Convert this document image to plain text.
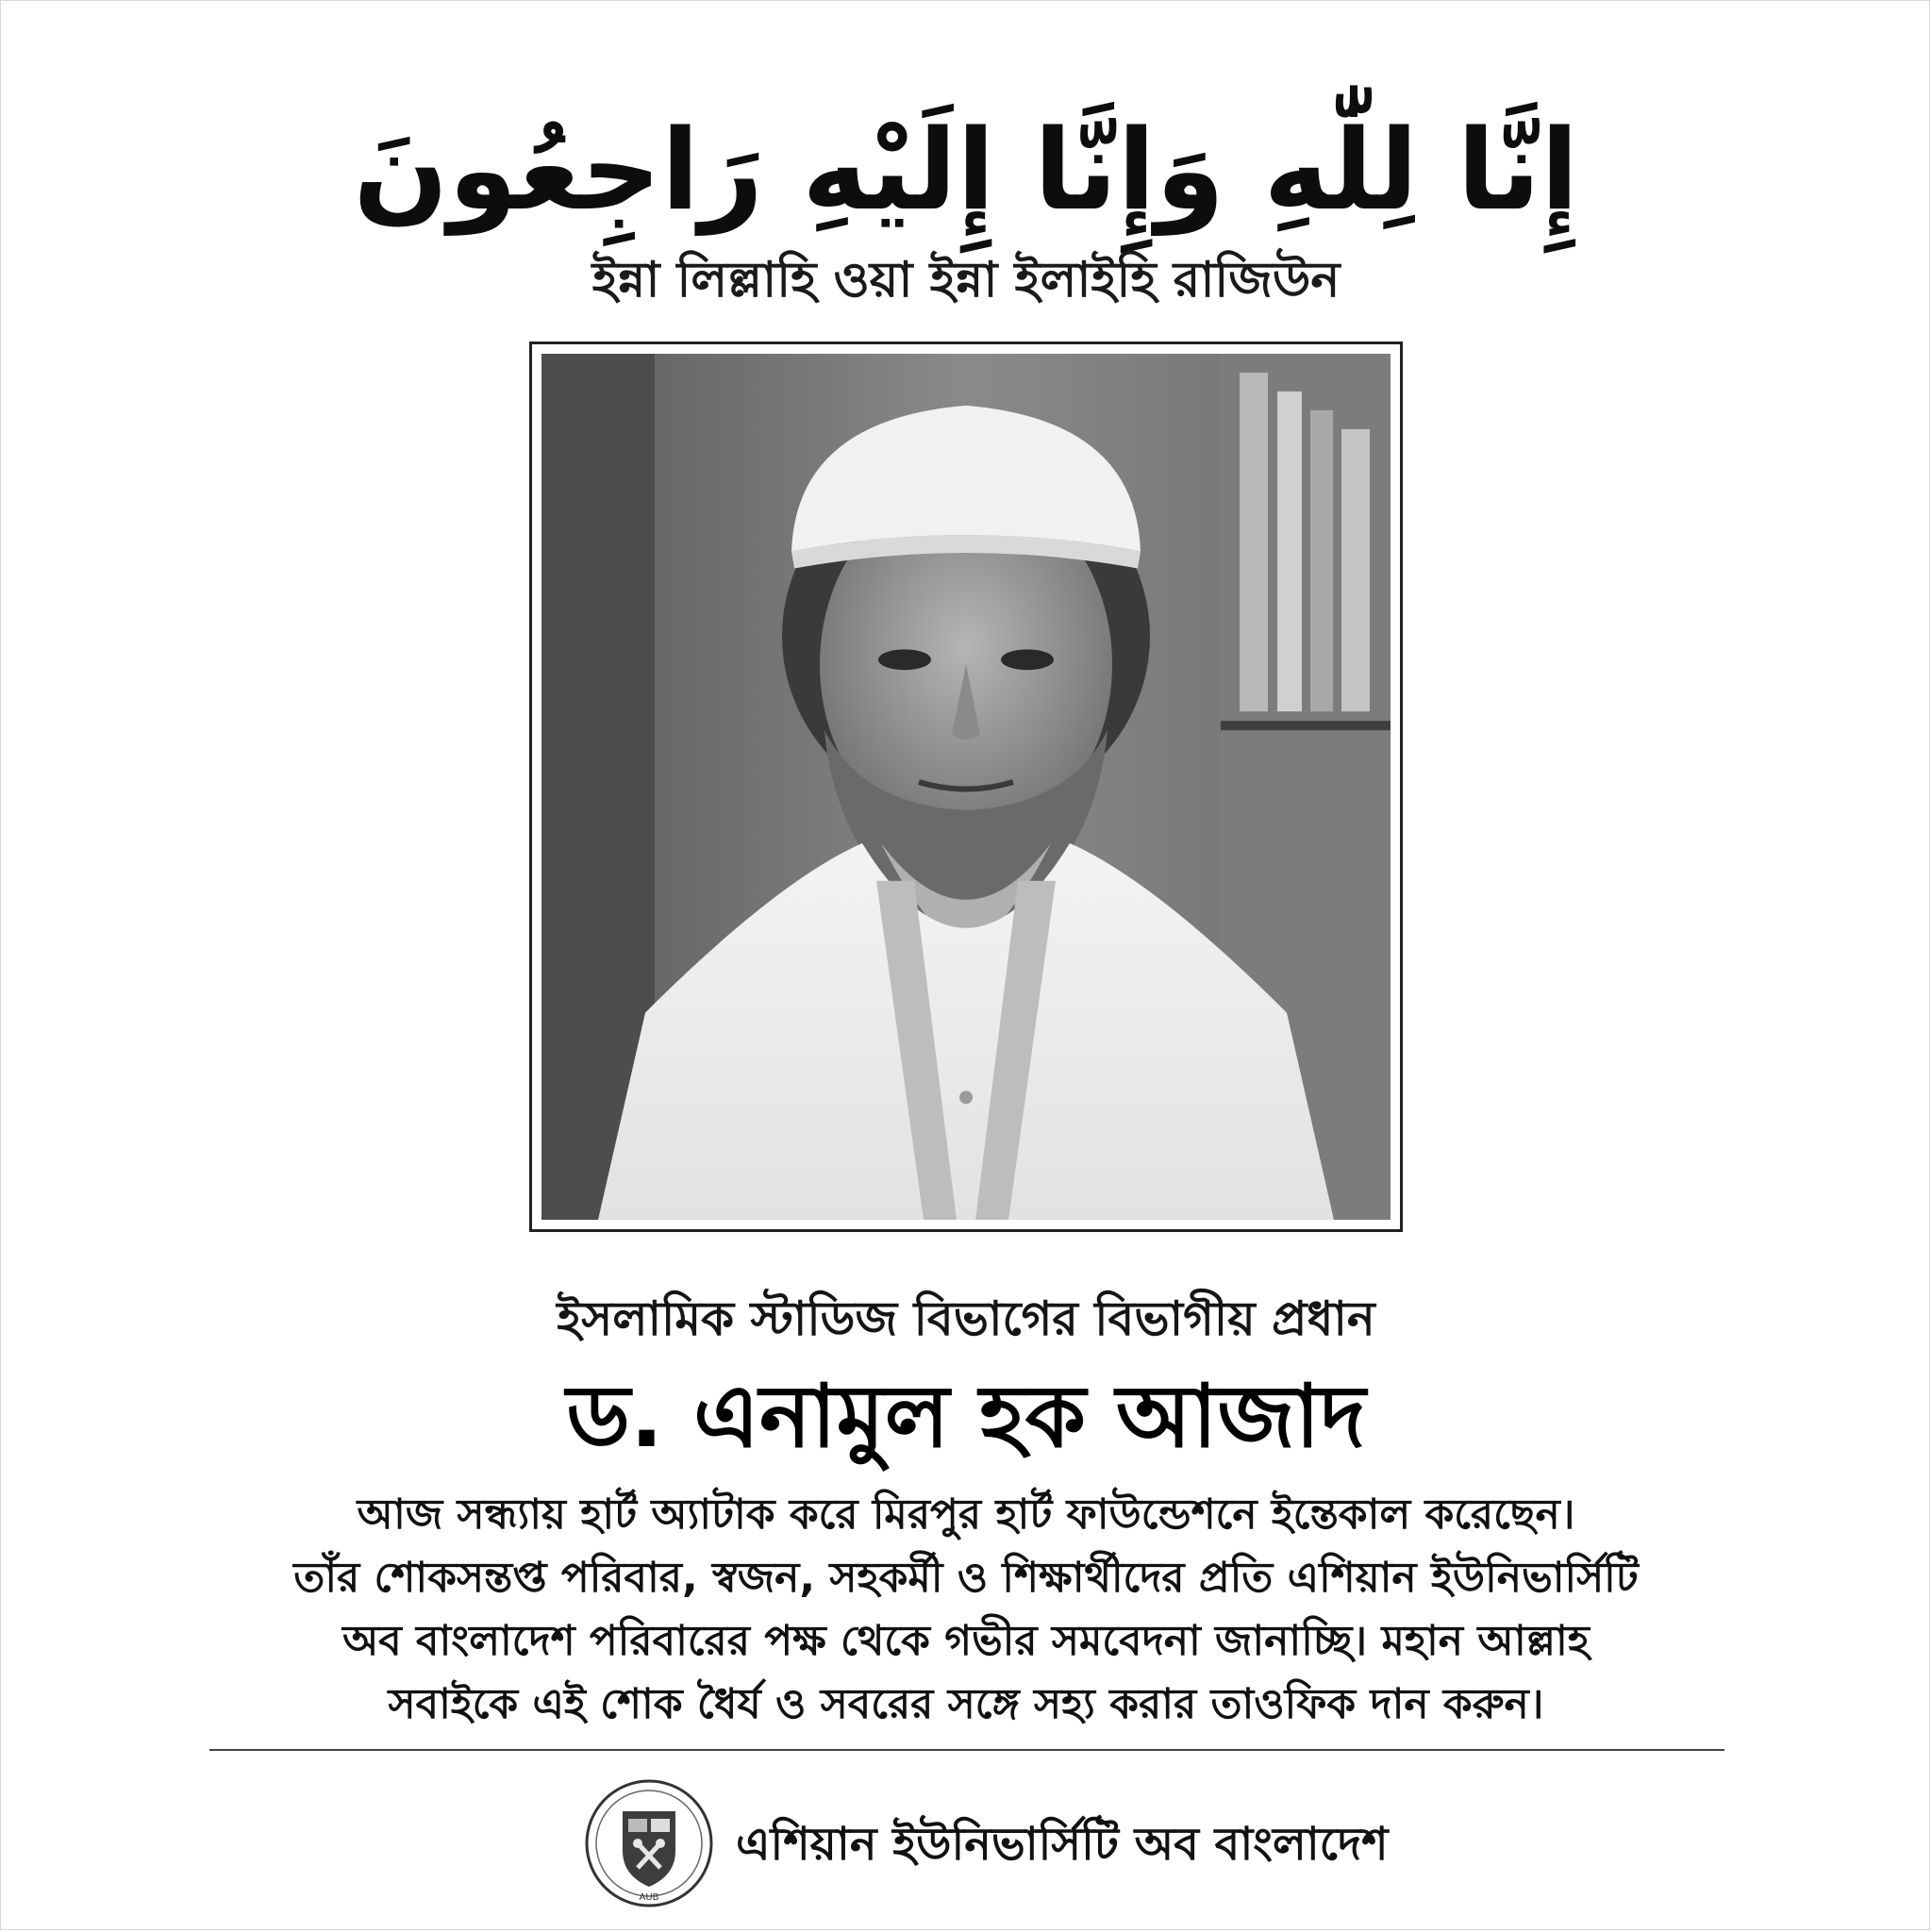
إِنَّا لِلّٰهِ وَإِنَّا إِلَيْهِ رَاجِعُونَ
ইন্না লিল্লাহি ওয়া ইন্না ইলাইহি রাজিউন
ইসলামিক স্টাডিজ বিভাগের বিভাগীয় প্রধান
ড. এনামুল হক আজাদ
আজ সন্ধ্যায় হার্ট অ্যাটাক করে মিরপুর হার্ট ফাউন্ডেশনে ইন্তেকাল করেছেন।
তাঁর শোকসন্তপ্ত পরিবার, স্বজন, সহকর্মী ও শিক্ষার্থীদের প্রতি এশিয়ান ইউনিভার্সিটি
অব বাংলাদেশ পরিবারের পক্ষ থেকে গভীর সমবেদনা জানাচ্ছি। মহান আল্লাহ
সবাইকে এই শোক ধৈর্য ও সবরের সঙ্গে সহ্য করার তাওফিক দান করুন।
AUB
এশিয়ান ইউনিভার্সিটি অব বাংলাদেশ
